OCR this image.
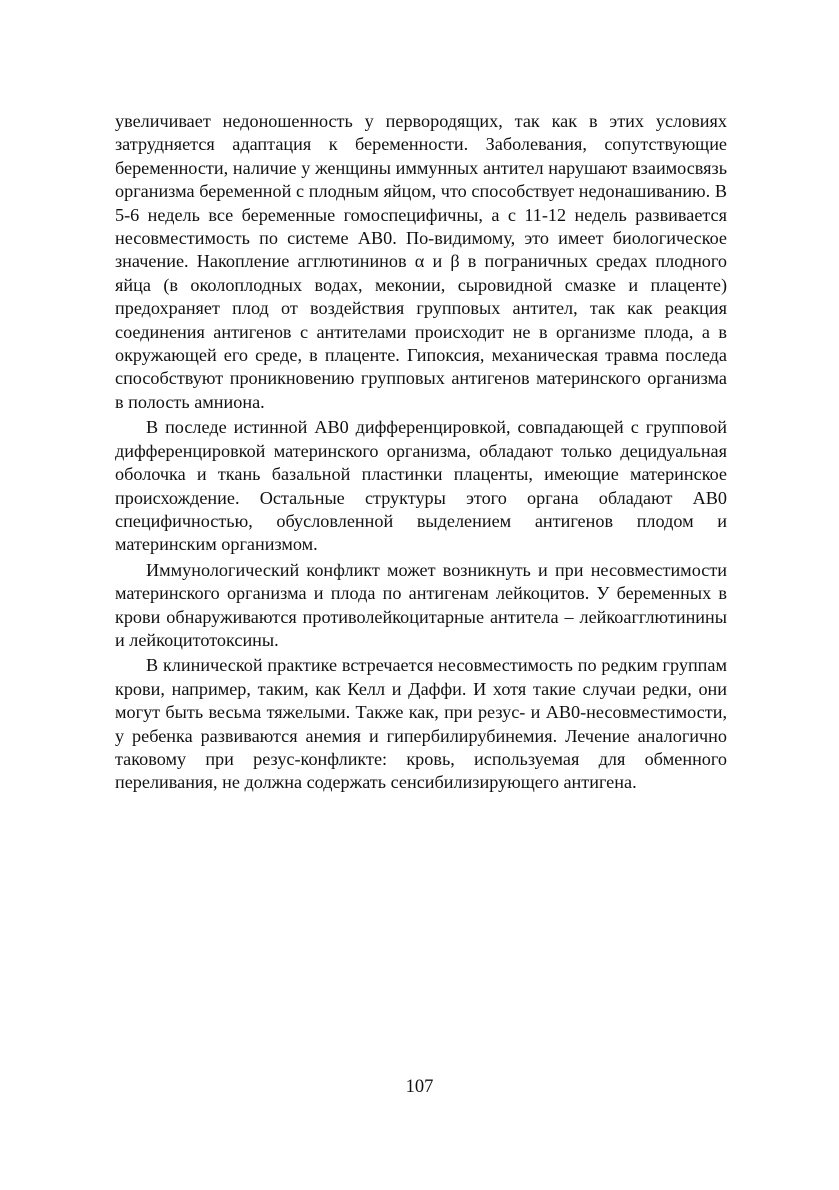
увеличивает недоношенность у первородящих, так как в этих условиях затрудняется адаптация к беременности. Заболевания, сопутствующие беременности, наличие у женщины иммунных антител нарушают взаимосвязь организма беременной с плодным яйцом, что способствует недонашиванию. В 5-6 недель все беременные гомоспецифичны, а с 11-12 недель развивается несовместимость по системе АВ0. По-видимому, это имеет биологическое значение. Накопление агглютининов α и β в пограничных средах плодного яйца (в околоплодных водах, меконии, сыровидной смазке и плаценте) предохраняет плод от воздействия групповых антител, так как реакция соединения антигенов с антителами происходит не в организме плода, а в окружающей его среде, в плаценте. Гипоксия, механическая травма последа способствуют проникновению групповых антигенов материнского организма в полость амниона.

В последе истинной АВ0 дифференцировкой, совпадающей с групповой дифференцировкой материнского организма, обладают только децидуальная оболочка и ткань базальной пластинки плаценты, имеющие материнское происхождение. Остальные структуры этого органа обладают АВ0 специфичностью, обусловленной выделением антигенов плодом и материнским организмом.

Иммунологический конфликт может возникнуть и при несовместимости материнского организма и плода по антигенам лейкоцитов. У беременных в крови обнаруживаются противолейкоцитарные антитела – лейкоагглютинины и лейкоцитотоксины.

В клинической практике встречается несовместимость по редким группам крови, например, таким, как Келл и Даффи. И хотя такие случаи редки, они могут быть весьма тяжелыми. Также как, при резус- и АВ0-несовместимости, у ребенка развиваются анемия и гипербилирубинемия. Лечение аналогично таковому при резус-конфликте: кровь, используемая для обменного переливания, не должна содержать сенсибилизирующего антигена.

107
